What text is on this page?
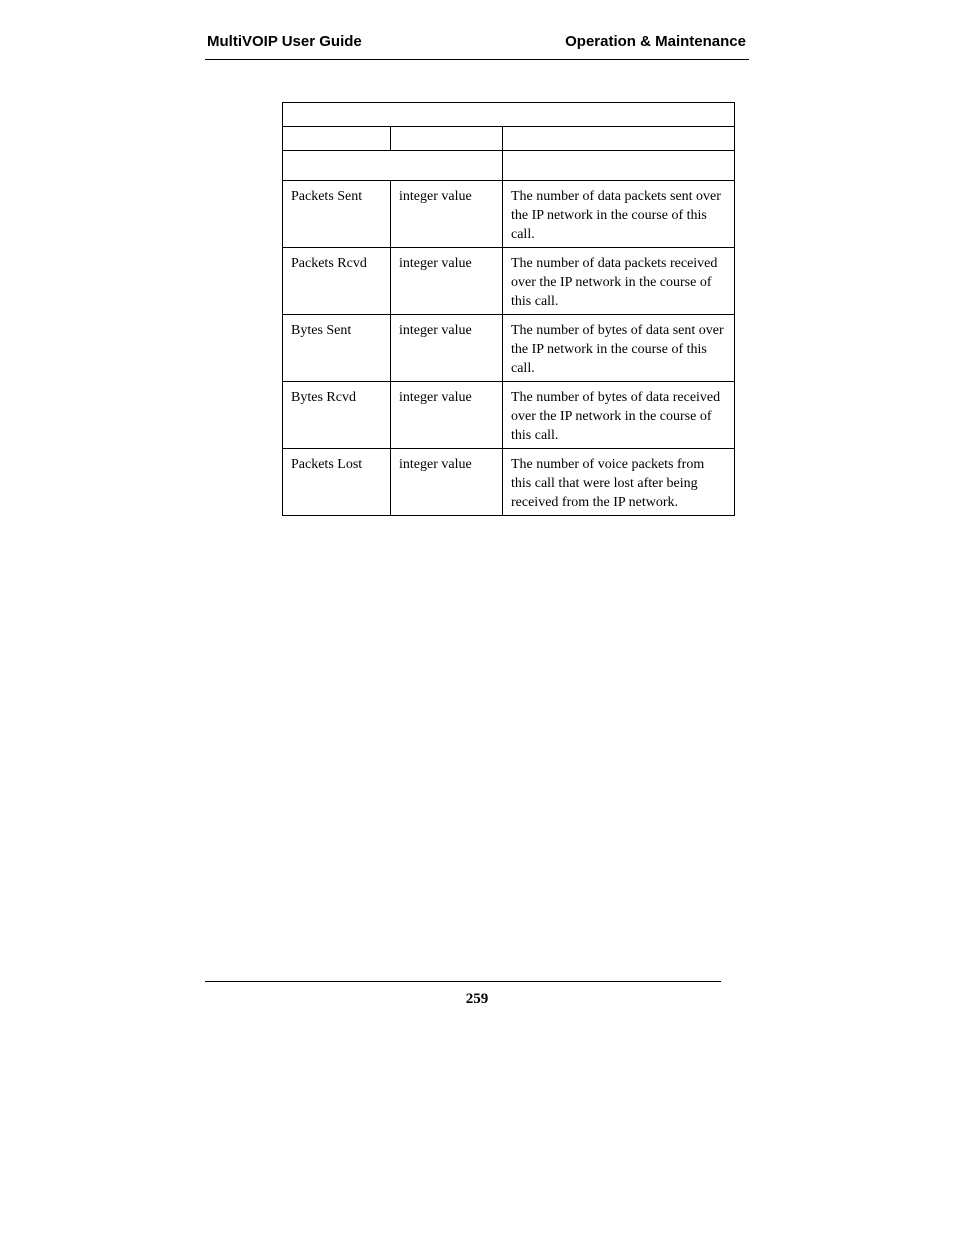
MultiVOIP User Guide	Operation & Maintenance

Packets Sent	integer value	The number of data packets sent over the IP network in the course of this call.
Packets Rcvd	integer value	The number of data packets received over the IP network in the course of this call.
Bytes Sent	integer value	The number of bytes of data sent over the IP network in the course of this call.
Bytes Rcvd	integer value	The number of bytes of data received over the IP network in the course of this call.
Packets Lost	integer value	The number of voice packets from this call that were lost after being received from the IP network.
259
